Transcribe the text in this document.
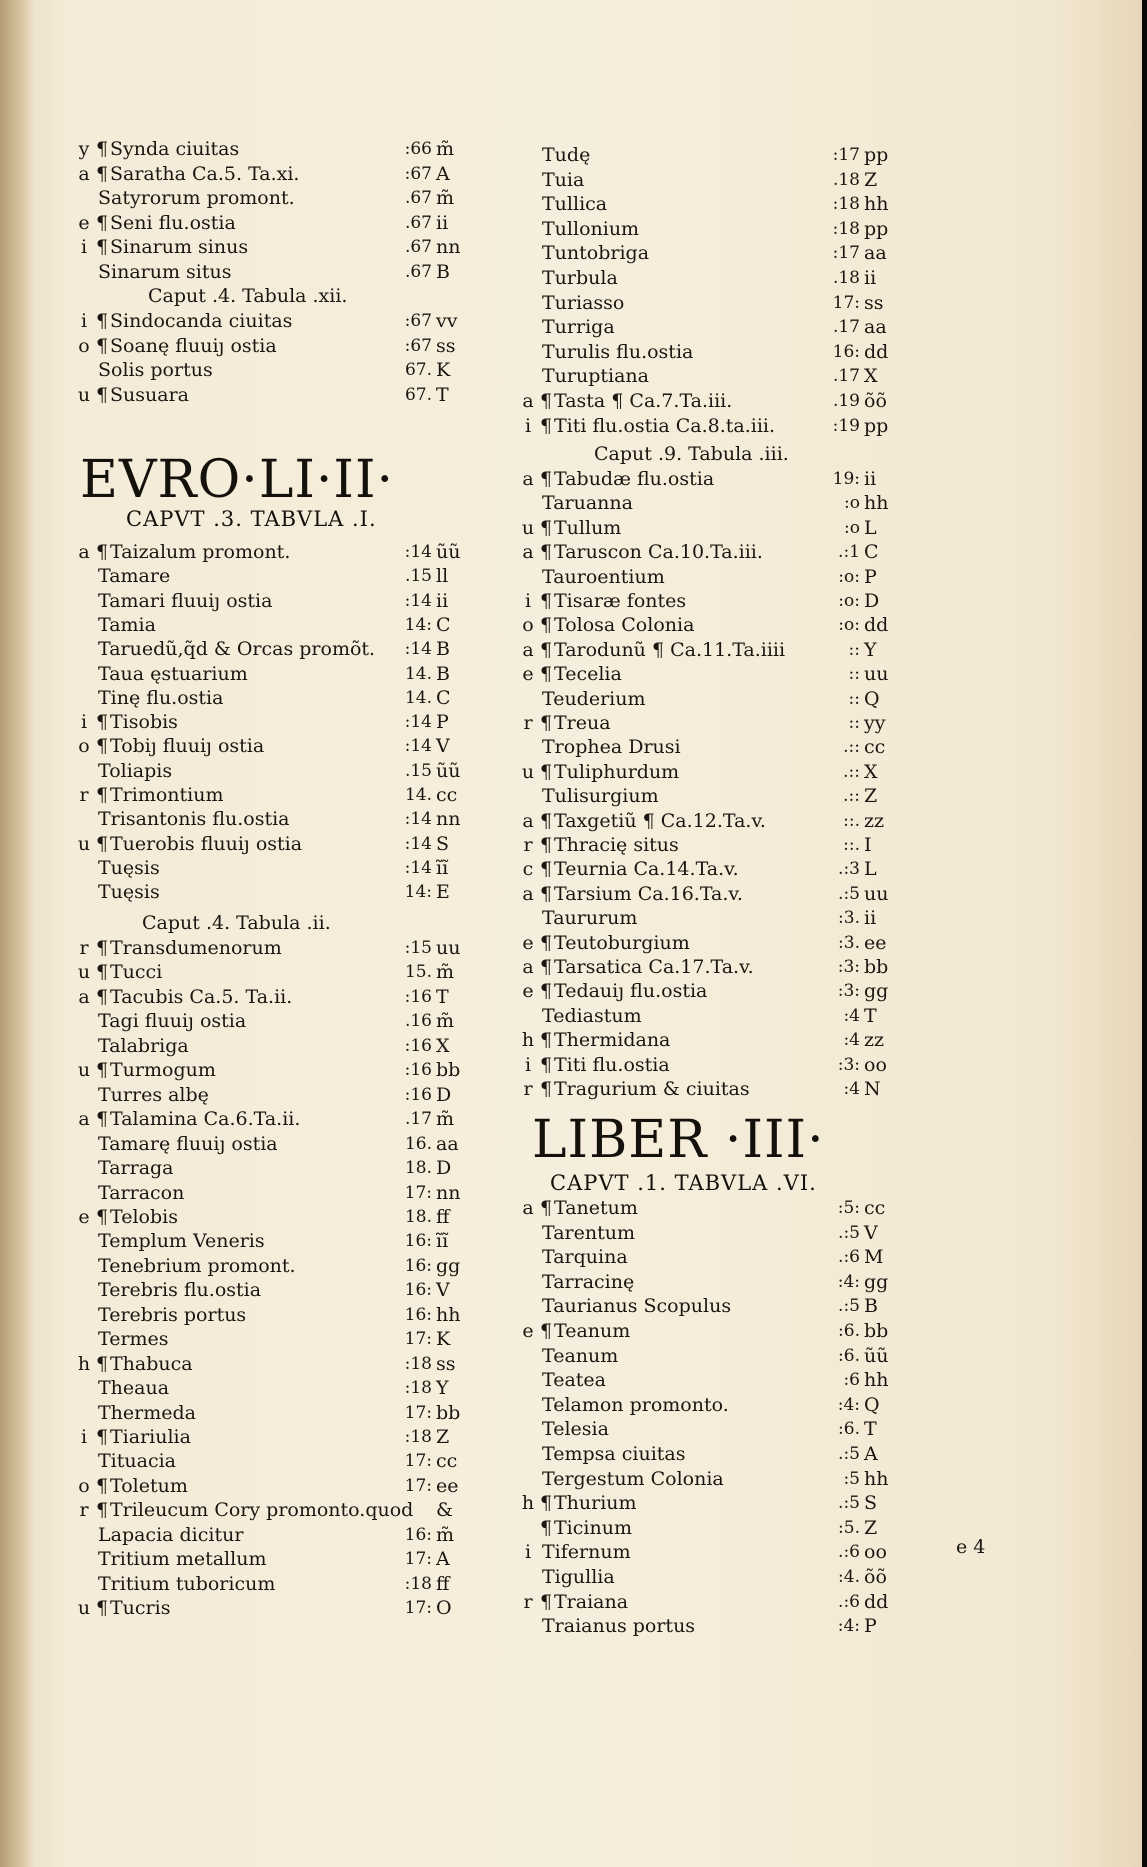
y ¶ Synda ciuitas	:66 m̃
a ¶ Saratha Ca.5. Ta.xi.	:67 A
Satyrorum promont.	.67 m̃
e ¶ Seni flu.ostia	.67 ii
i ¶ Sinarum sinus	.67 nn
Sinarum situs	.67 B
Caput .4. Tabula .xii.
i ¶ Sindocanda ciuitas	:67 vv
o ¶ Soanę fluuiȷ ostia	:67 ss
Solis portus	67. K
u ¶ Susuara	67. T
EVRO·LI·II·
CAPVT .3. TABVLA .I.
a ¶ Taizalum promont.	:14 ũũ
Tamare	.15 ll
Tamari fluuiȷ ostia	:14 ii
Tamia	14: C
Taruedũ,q̃d & Orcas promõt.	:14 B
Taua ęstuarium	14. B
Tinę flu.ostia	14. C
i ¶ Tisobis	:14 P
o ¶ Tobiȷ fluuiȷ ostia	:14 V
Toliapis	.15 ũũ
r ¶ Trimontium	14. cc
Trisantonis flu.ostia	:14 nn
u ¶ Tuerobis fluuiȷ ostia	:14 S
Tuęsis	:14 ĩĩ
Tuęsis	14: E
Caput .4. Tabula .ii.
r ¶ Transdumenorum	:15 uu
u ¶ Tucci	15. m̃
a ¶ Tacubis Ca.5. Ta.ii.	:16 T
Tagi fluuiȷ ostia	.16 m̃
Talabriga	:16 X
u ¶ Turmogum	:16 bb
Turres albę	:16 D
a ¶ Talamina Ca.6.Ta.ii.	.17 m̃
Tamarę fluuiȷ ostia	16. aa
Tarraga	18. D
Tarracon	17: nn
e ¶ Telobis	18. ff
Templum Veneris	16: ĩĩ
Tenebrium promont.	16: gg
Terebris flu.ostia	16: V
Terebris portus	16: hh
Termes	17: K
h ¶ Thabuca	:18 ss
Theaua	:18 Y
Thermeda	17: bb
i ¶ Tiariulia	:18 Z
Tituacia	17: cc
o ¶ Toletum	17: ee
r ¶ Trileucum Cory promonto.quod &
Lapacia dicitur	16: m̃
Tritium metallum	17: A
Tritium tuboricum	:18 ff
u ¶ Tucris	17: O
Tudę	:17 pp
Tuia	.18 Z
Tullica	:18 hh
Tullonium	:18 pp
Tuntobriga	:17 aa
Turbula	.18 ii
Turiasso	17: ss
Turriga	.17 aa
Turulis flu.ostia	16: dd
Turuptiana	.17 X
a ¶ Tasta ¶ Ca.7.Ta.iii.	.19 õõ
i ¶ Titi flu.ostia Ca.8.ta.iii.	:19 pp
Caput .9. Tabula .iii.
a ¶ Tabudæ flu.ostia	19: ii
Taruanna	:o hh
u ¶ Tullum	:o L
a ¶ Taruscon Ca.10.Ta.iii.	.:1 C
Tauroentium	:o: P
i ¶ Tisaræ fontes	:o: D
o ¶ Tolosa Colonia	:o: dd
a ¶ Tarodunũ ¶ Ca.11.Ta.iiii	:: Y
e ¶ Tecelia	:: uu
Teuderium	:: Q
r ¶ Treua	:: yy
Trophea Drusi	.:: cc
u ¶ Tuliphurdum	.:: X
Tulisurgium	.:: Z
a ¶ Taxgetiũ ¶ Ca.12.Ta.v.	::. zz
r ¶ Thracię situs	::. I
c ¶ Teurnia Ca.14.Ta.v.	.:3 L
a ¶ Tarsium Ca.16.Ta.v.	.:5 uu
Taururum	:3. ii
e ¶ Teutoburgium	:3. ee
a ¶ Tarsatica Ca.17.Ta.v.	:3: bb
e ¶ Tedauiȷ flu.ostia	:3: gg
Tediastum	:4 T
h ¶ Thermidana	:4 zz
i ¶ Titi flu.ostia	:3: oo
r ¶ Tragurium & ciuitas	:4 N
LIBER ·III·
CAPVT .1. TABVLA .VI.
a ¶ Tanetum	:5: cc
Tarentum	.:5 V
Tarquina	.:6 M
Tarracinę	:4: gg
Taurianus Scopulus	.:5 B
e ¶ Teanum	:6. bb
Teanum	:6. ũũ
Teatea	:6 hh
Telamon promonto.	:4: Q
Telesia	:6. T
Tempsa ciuitas	.:5 A
Tergestum Colonia	:5 hh
h ¶ Thurium	.:5 S
¶ Ticinum	:5. Z
i Tifernum	.:6 oo
Tigullia	:4. õõ
r ¶ Traiana	.:6 dd
Traianus portus	:4: P
e 4
